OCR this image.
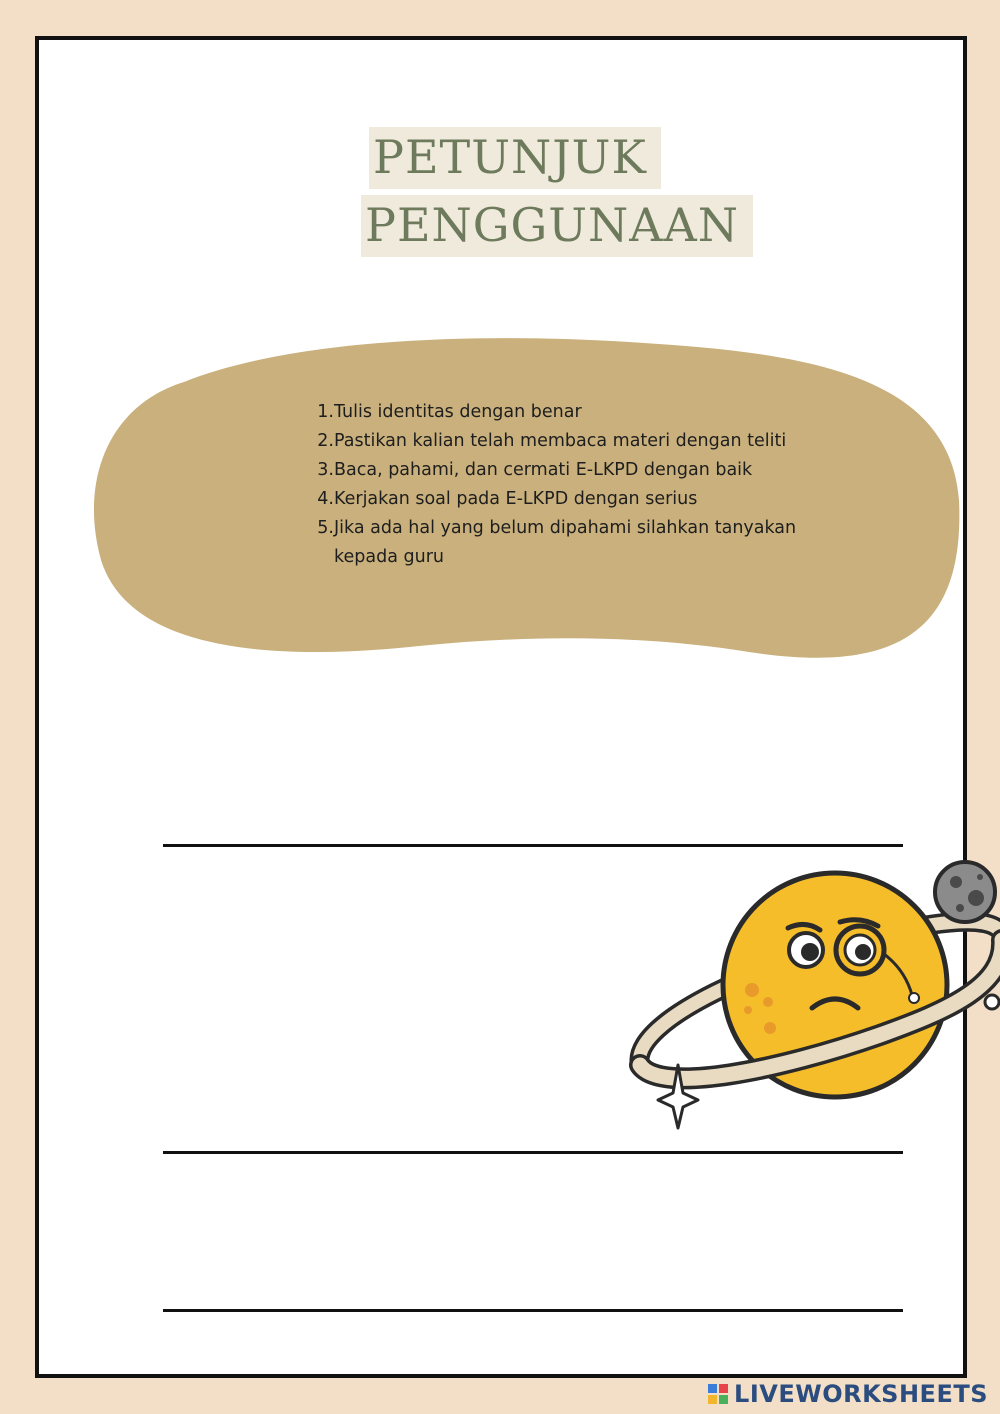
PETUNJUK
PENGGUNAAN
1. Tulis identitas dengan benar
2. Pastikan kalian telah membaca materi dengan teliti
3. Baca, pahami, dan cermati E-LKPD dengan baik
4. Kerjakan soal pada E-LKPD dengan serius
5. Jika ada hal yang belum dipahami silahkan tanyakan kepada guru
LIVEWORKSHEETS
